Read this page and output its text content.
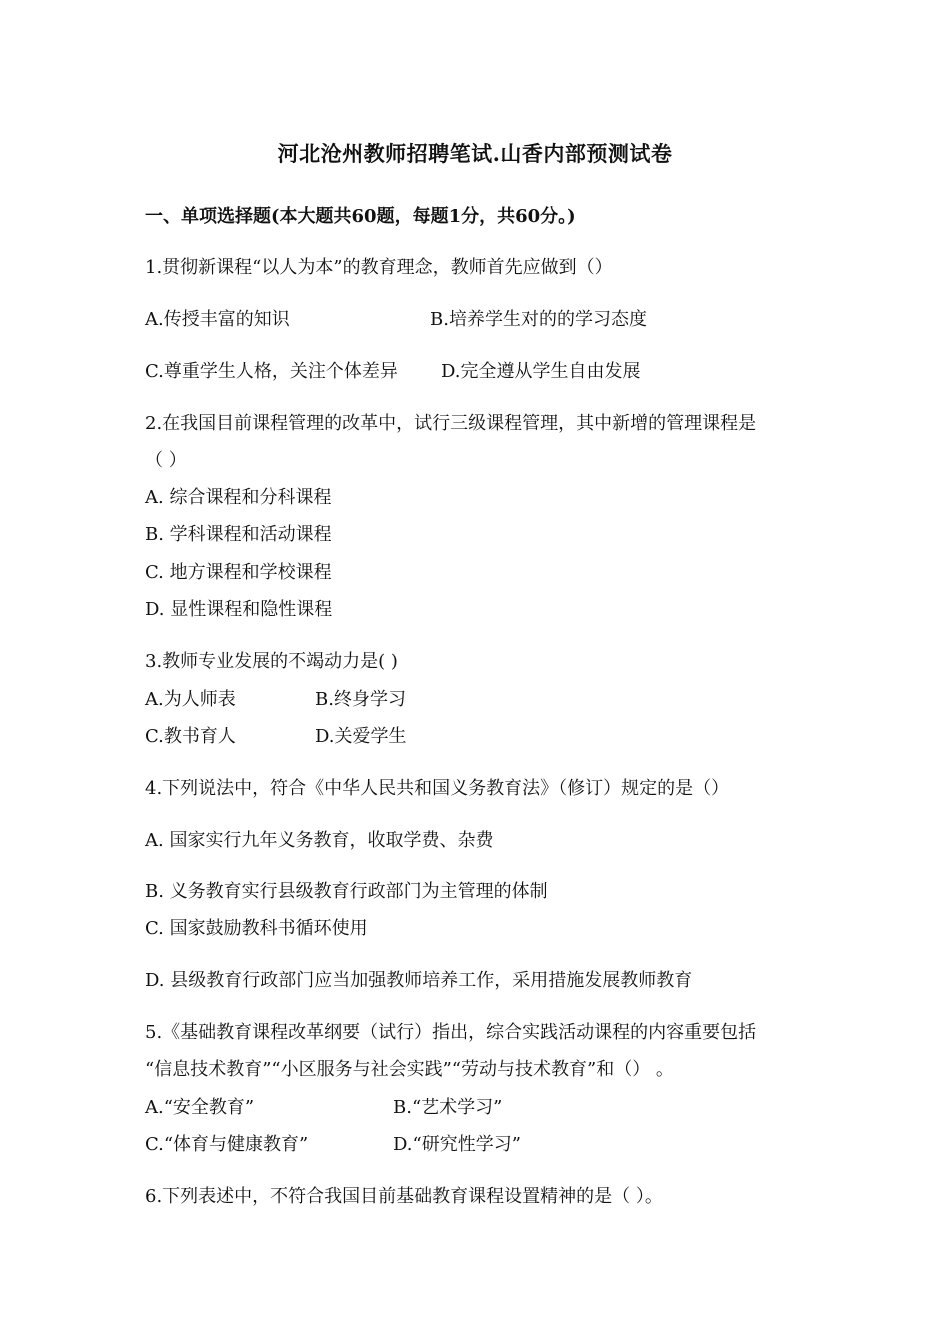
河北沧州教师招聘笔试.山香内部预测试卷
一、单项选择题(本大题共60题，每题1分，共60分。)
1.贯彻新课程“以人为本”的教育理念，教师首先应做到（）
A.传授丰富的知识	B.培养学生对的的学习态度
C.尊重学生人格，关注个体差异 D.完全遵从学生自由发展
2.在我国目前课程管理的改革中，试行三级课程管理，其中新增的管理课程是
（ ）
A. 综合课程和分科课程
B. 学科课程和活动课程
C. 地方课程和学校课程
D. 显性课程和隐性课程
3.教师专业发展的不竭动力是( )
A.为人师表	B.终身学习
C.教书育人	D.关爱学生
4.下列说法中，符合《中华人民共和国义务教育法》（修订）规定的是（）
A. 国家实行九年义务教育，收取学费、杂费
B. 义务教育实行县级教育行政部门为主管理的体制
C. 国家鼓励教科书循环使用
D. 县级教育行政部门应当加强教师培养工作，采用措施发展教师教育
5.《基础教育课程改革纲要（试行）指出，综合实践活动课程的内容重要包括
“信息技术教育”“小区服务与社会实践”“劳动与技术教育”和（） 。
A.“安全教育”	B.“艺术学习”
C.“体育与健康教育”	D.“研究性学习”
6.下列表述中，不符合我国目前基础教育课程设置精神的是（ ）。
